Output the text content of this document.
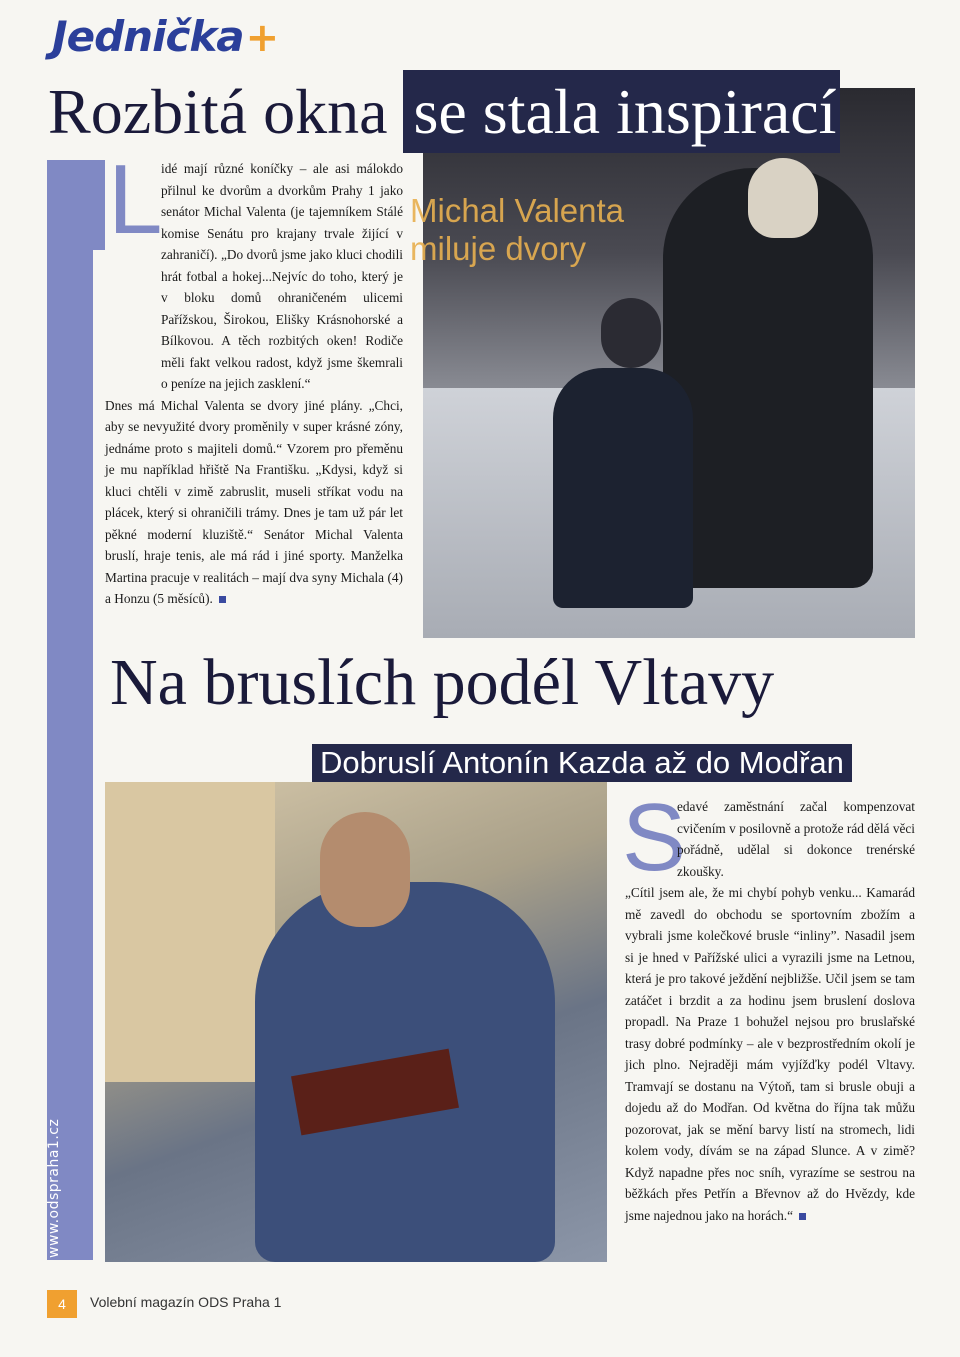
Jednička+
Rozbitá okna se stala inspirací
Michal Valenta
miluje dvory
L
idé mají různé koníčky – ale asi málokdo přilnul ke dvorům a dvorkům Prahy 1 jako senátor Michal Valenta (je tajemníkem Stálé komise Senátu pro krajany trvale žijící v zahraničí). „Do dvorů jsme jako kluci chodili hrát fotbal a hokej...Nejvíc do toho, který je v bloku domů ohraničeném ulicemi Pařížskou, Širokou, Elišky Krásnohorské a Bílkovou. A těch rozbitých oken! Rodiče měli fakt velkou radost, když jsme škemrali o peníze na jejich zasklení.“
Dnes má Michal Valenta se dvory jiné plány. „Chci, aby se nevyužité dvory proměnily v super krásné zóny, jednáme proto s majiteli domů.“ Vzorem pro přeměnu je mu například hřiště Na Františku. „Kdysi, když si kluci chtěli v zimě zabruslit, museli stříkat vodu na plácek, který si ohraničili trámy. Dnes je tam už pár let pěkné moderní kluziště.“ Senátor Michal Valenta bruslí, hraje tenis, ale má rád i jiné sporty. Manželka Martina pracuje v realitách – mají dva syny Michala (4) a Honzu (5 měsíců).
Na bruslích podél Vltavy
Dobruslí Antonín Kazda až do Modřan
S
edavé zaměstnání začal kompenzovat cvičením v posilovně a protože rád dělá věci pořádně, udělal si dokonce trenérské zkoušky.
„Cítil jsem ale, že mi chybí pohyb venku... Kamarád mě zavedl do obchodu se sportovním zbožím a vybrali jsme kolečkové brusle “inliny”. Nasadil jsem si je hned v Pařížské ulici a vyrazili jsme na Letnou, která je pro takové ježdění nejbližše. Učil jsem se tam zatáčet i brzdit a za hodinu jsem bruslení doslova propadl. Na Praze 1 bohužel nejsou pro bruslařské trasy dobré podmínky – ale v bezprostředním okolí je jich plno. Nejraději mám vyjížďky podél Vltavy. Tramvají se dostanu na Výtoň, tam si brusle obuji a dojedu až do Modřan. Od května do října tak můžu pozorovat, jak se mění barvy listí na stromech, lidi kolem vody, dívám se na západ Slunce. A v zimě? Když napadne přes noc sníh, vyrazíme se sestrou na běžkách přes Petřín a Břevnov až do Hvězdy, kde jsme najednou jako na horách.“
4	Volební magazín ODS Praha 1
